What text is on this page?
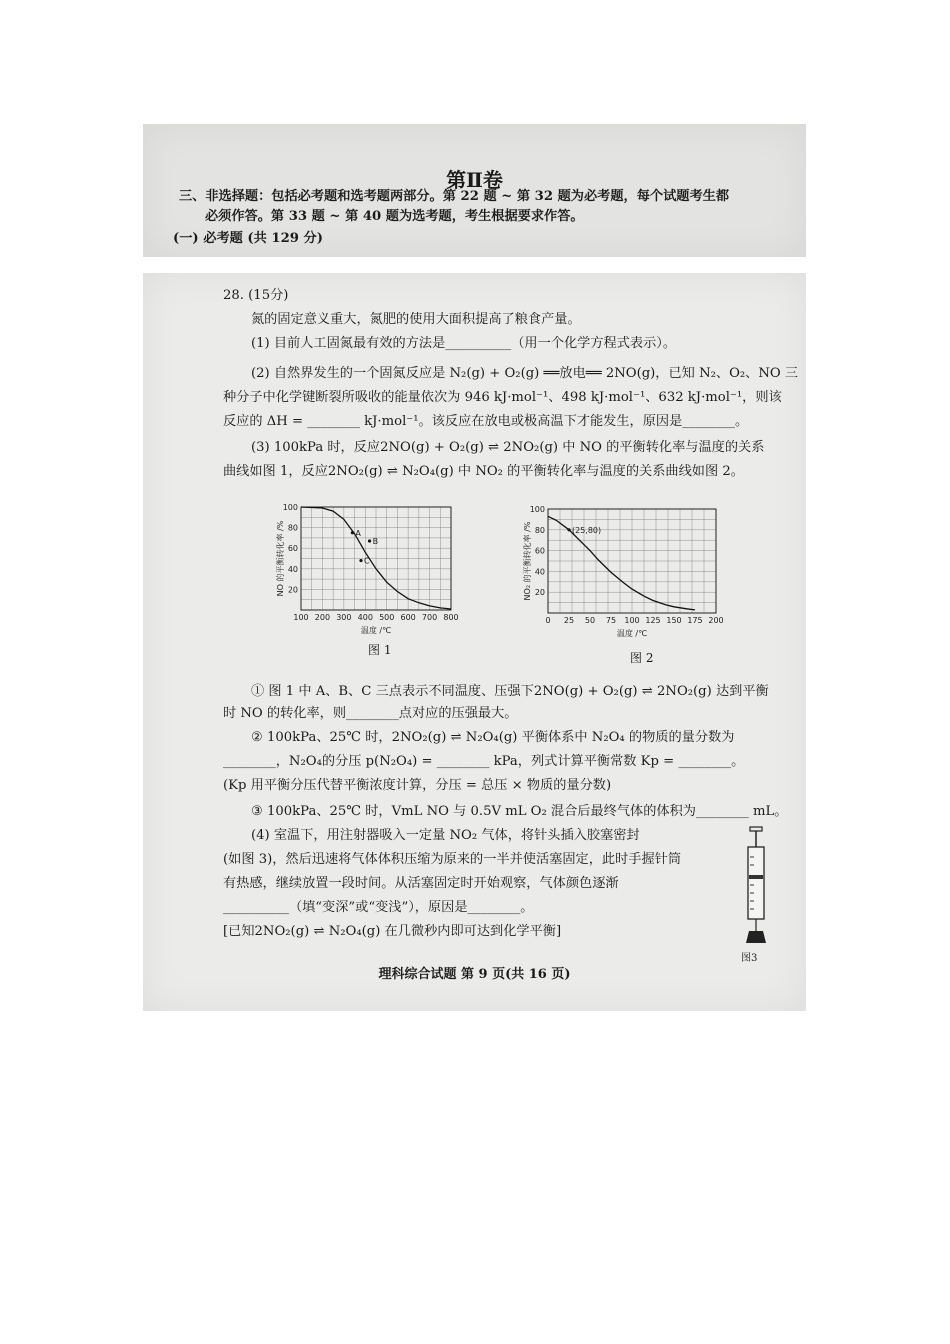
第Ⅱ卷
三、非选择题：包括必考题和选考题两部分。第 22 题 ~ 第 32 题为必考题，每个试题考生都
必须作答。第 33 题 ~ 第 40 题为选考题，考生根据要求作答。
(一) 必考题 (共 129 分)
28. (15分)
氮的固定意义重大，氮肥的使用大面积提高了粮食产量。
(1) 目前人工固氮最有效的方法是__________（用一个化学方程式表示）。
(2) 自然界发生的一个固氮反应是 N₂(g) + O₂(g) ══放电══ 2NO(g)，已知 N₂、O₂、NO 三
种分子中化学键断裂所吸收的能量依次为 946 kJ·mol⁻¹、498 kJ·mol⁻¹、632 kJ·mol⁻¹，则该
反应的 ΔH = ________ kJ·mol⁻¹。该反应在放电或极高温下才能发生，原因是________。
(3) 100kPa 时，反应2NO(g) + O₂(g) ⇌ 2NO₂(g) 中 NO 的平衡转化率与温度的关系
曲线如图 1，反应2NO₂(g) ⇌ N₂O₄(g) 中 NO₂ 的平衡转化率与温度的关系曲线如图 2。
100 200 300 400 500 600 700 800
20
40
60
80
100
A
B
C
温度 /℃
NO 的平衡转化率 /%
图 1
0 25 50 75 100 125 150 175 200
20
40
60
80
100
(25,80)
温度 /℃
NO₂ 的平衡转化率 /%
图 2
① 图 1 中 A、B、C 三点表示不同温度、压强下2NO(g) + O₂(g) ⇌ 2NO₂(g) 达到平衡
时 NO 的转化率，则________点对应的压强最大。
② 100kPa、25℃ 时，2NO₂(g) ⇌ N₂O₄(g) 平衡体系中 N₂O₄ 的物质的量分数为
________，N₂O₄的分压 p(N₂O₄) = ________ kPa，列式计算平衡常数 Kp = ________。
(Kp 用平衡分压代替平衡浓度计算，分压 = 总压 × 物质的量分数)
③ 100kPa、25℃ 时，VmL NO 与 0.5V mL O₂ 混合后最终气体的体积为________ mL。
(4) 室温下，用注射器吸入一定量 NO₂ 气体，将针头插入胶塞密封
(如图 3)，然后迅速将气体体积压缩为原来的一半并使活塞固定，此时手握针筒
有热感，继续放置一段时间。从活塞固定时开始观察，气体颜色逐渐
__________（填“变深”或“变浅”），原因是________。
[已知2NO₂(g) ⇌ N₂O₄(g) 在几微秒内即可达到化学平衡]
图3
理科综合试题 第 9 页(共 16 页)
